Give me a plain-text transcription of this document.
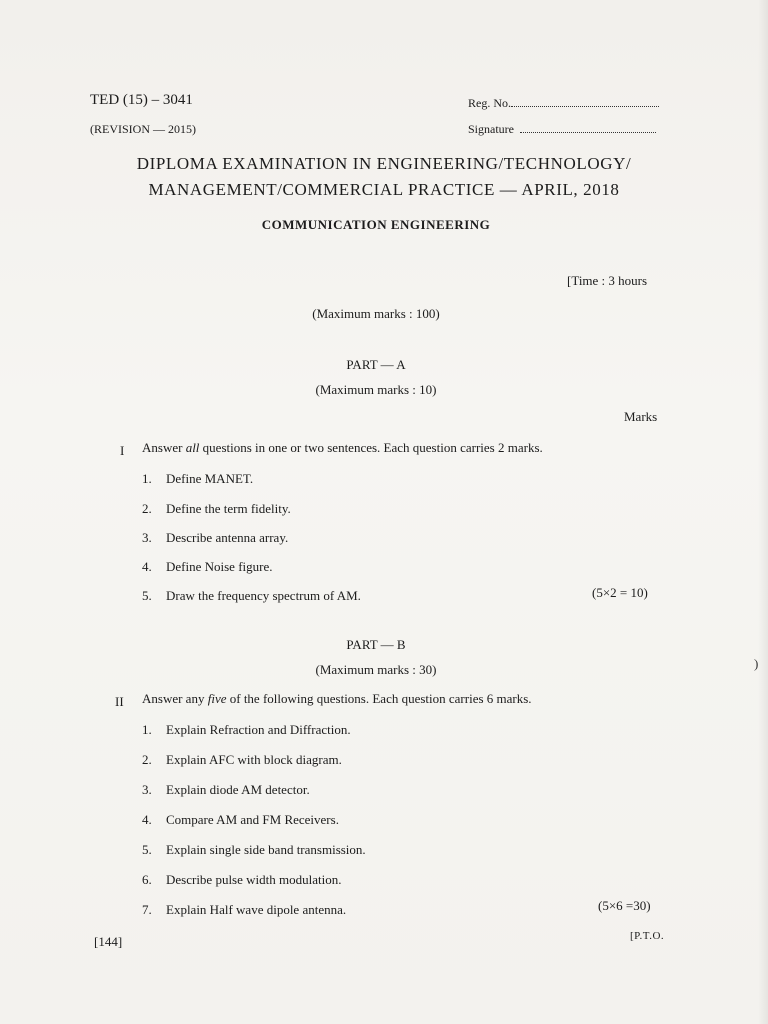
TED (15) – 3041
(REVISION — 2015)
Reg. No.
Signature
DIPLOMA EXAMINATION IN ENGINEERING/TECHNOLOGY/
MANAGEMENT/COMMERCIAL PRACTICE — APRIL, 2018
COMMUNICATION ENGINEERING
[Time : 3 hours
(Maximum marks : 100)
PART — A
(Maximum marks : 10)
Marks
I Answer all questions in one or two sentences. Each question carries 2 marks.
1. Define MANET.
2. Define the term fidelity.
3. Describe antenna array.
4. Define Noise figure.
5. Draw the frequency spectrum of AM.	(5×2 = 10)
PART — B
(Maximum marks : 30)
II Answer any five of the following questions. Each question carries 6 marks.
1. Explain Refraction and Diffraction.
2. Explain AFC with block diagram.
3. Explain diode AM detector.
4. Compare AM and FM Receivers.
5. Explain single side band transmission.
6. Describe pulse width modulation.
7. Explain Half wave dipole antenna.	(5×6 =30)
[144]	[P.T.O.
)
